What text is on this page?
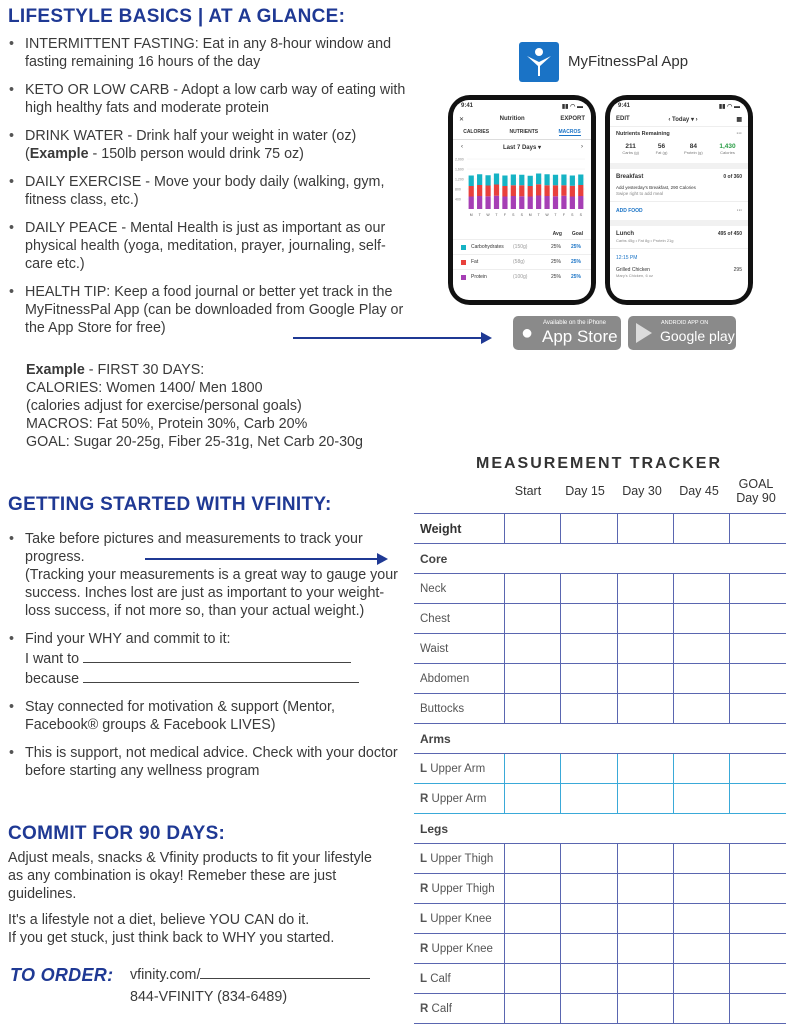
LIFESTYLE BASICS | AT A GLANCE:
• INTERMITTENT FASTING: Eat in any 8-hour window and fasting remaining 16 hours of the day
• KETO OR LOW CARB - Adopt a low carb way of eating with high healthy fats and moderate protein
• DRINK WATER - Drink half your weight in water (oz)
(Example - 150lb person would drink 75 oz)
• DAILY EXERCISE - Move your body daily (walking, gym, fitness class, etc.)
• DAILY PEACE - Mental Health is just as important as our physical health (yoga, meditation, prayer, journaling, self-care etc.)
• HEALTH TIP: Keep a food journal or better yet track in the MyFitnessPal App (can be downloaded from Google Play or the App Store for free)
Example - FIRST 30 DAYS:
CALORIES: Women 1400/ Men 1800
(calories adjust for exercise/personal goals)
MACROS: Fat 50%, Protein 30%, Carb 20%
GOAL: Sugar 20-25g, Fiber 25-31g, Net Carb 20-30g
GETTING STARTED WITH VFINITY:
• Take before pictures and measurements to track your progress.
(Tracking your measurements is a great way to gauge your success. Inches lost are just as important to your weight-loss success, if not more so, than your actual weight.)
• Find your WHY and commit to it:
I want to
because
• Stay connected for motivation & support (Mentor, Facebook® groups & Facebook LIVES)
• This is support, not medical advice. Check with your doctor before starting any wellness program
COMMIT FOR 90 DAYS:
Adjust meals, snacks & Vfinity products to fit your lifestyle as any combination is okay! Remeber these are just guidelines.
It's a lifestyle not a diet, believe YOU CAN do it.
If you get stuck, just think back to WHY you started.
TO ORDER: vfinity.com/
844-VFINITY (834-6489)
MyFitnessPal App
9:41	▮▮ ◠ ▬
✕	Nutrition	EXPORT
CALORIES	NUTRIENTS	MACROS
‹	Last 7 Days ▾	›
2,000
1,600
1,200
800
400
M T W T F S S M T W T F S S
Avg Goal
Carbohydrates	(150g)	25%	25%
Fat	(58g)	25%	25%
Protein	(100g)	25%	25%
9:41	▮▮ ◠ ▬
EDIT	‹ Today ▾ ›	▦
Nutrients Remaining	···
211
Carbs (g)
56
Fat (g)
84
Protein (g)
1,430
Calories
Breakfast	0 of 360
Add yesterday's Breakfast, 290 Calories
Swipe right to add meal
ADD FOOD	···
Lunch	495 of 450
Carbs 45g • Fat 8g • Protein 21g
12:15 PM
Grilled Chicken	295
Mary's Chicken, 6 oz
● Available on the iPhone
App Store
ANDROID APP ON
Google play
MEASUREMENT TRACKER
Start	Day 15	Day 30	Day 45	GOAL Day 90
Weight					
Core					
Neck					
Chest					
Waist					
Abdomen					
Buttocks					
Arms					
L Upper Arm					
R Upper Arm					
Legs					
L Upper Thigh					
R Upper Thigh					
L Upper Knee					
R Upper Knee					
L Calf					
R Calf					
